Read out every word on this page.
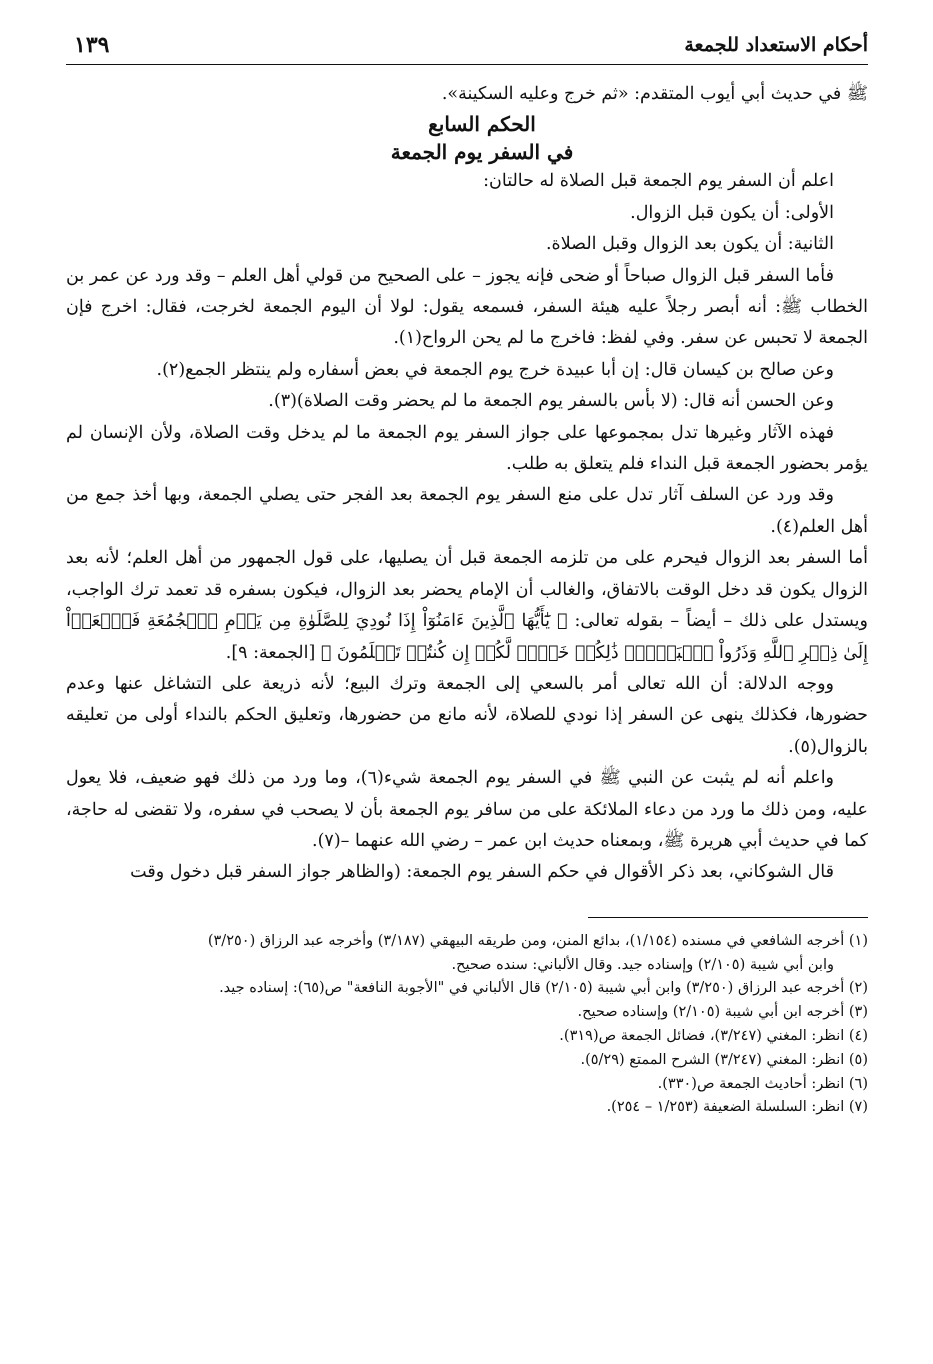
أحكام الاستعداد للجمعة
١٣٩

ﷺ في حديث أبي أيوب المتقدم: «ثم خرج وعليه السكينة».

الحكم السابع
في السفر يوم الجمعة

اعلم أن السفر يوم الجمعة قبل الصلاة له حالتان:

الأولى: أن يكون قبل الزوال.

الثانية: أن يكون بعد الزوال وقبل الصلاة.

فأما السفر قبل الزوال صباحاً أو ضحى فإنه يجوز – على الصحيح من قولي أهل العلم – وقد ورد عن عمر بن الخطاب ﷺ: أنه أبصر رجلاً عليه هيئة السفر، فسمعه يقول: لولا أن اليوم الجمعة لخرجت، فقال: اخرج فإن الجمعة لا تحبس عن سفر. وفي لفظ: فاخرج ما لم يحن الرواح(١).

وعن صالح بن كيسان قال: إن أبا عبيدة خرج يوم الجمعة في بعض أسفاره ولم ينتظر الجمع(٢).

وعن الحسن أنه قال: (لا بأس بالسفر يوم الجمعة ما لم يحضر وقت الصلاة)(٣).

فهذه الآثار وغيرها تدل بمجموعها على جواز السفر يوم الجمعة ما لم يدخل وقت الصلاة، ولأن الإنسان لم يؤمر بحضور الجمعة قبل النداء فلم يتعلق به طلب.

وقد ورد عن السلف آثار تدل على منع السفر يوم الجمعة بعد الفجر حتى يصلي الجمعة، وبها أخذ جمع من أهل العلم(٤).

أما السفر بعد الزوال فيحرم على من تلزمه الجمعة قبل أن يصليها، على قول الجمهور من أهل العلم؛ لأنه بعد الزوال يكون قد دخل الوقت بالاتفاق، والغالب أن الإمام يحضر بعد الزوال، فيكون بسفره قد تعمد ترك الواجب، ويستدل على ذلك – أيضاً – بقوله تعالى: ﴿ يَٰٓأَيُّهَا ٱلَّذِينَ ءَامَنُوٓاْ إِذَا نُودِيَ لِلصَّلَوٰةِ مِن يَوۡمِ ٱلۡجُمُعَةِ فَٱسۡعَوۡاْ إِلَىٰ ذِكۡرِ ٱللَّهِ وَذَرُواْ ٱلۡبَيۡعَۚ ذَٰلِكُمۡ خَيۡرٞ لَّكُمۡ إِن كُنتُمۡ تَعۡلَمُونَ ﴾ [الجمعة: ٩].

ووجه الدلالة: أن الله تعالى أمر بالسعي إلى الجمعة وترك البيع؛ لأنه ذريعة على التشاغل عنها وعدم حضورها، فكذلك ينهى عن السفر إذا نودي للصلاة، لأنه مانع من حضورها، وتعليق الحكم بالنداء أولى من تعليقه بالزوال(٥).

واعلم أنه لم يثبت عن النبي ﷺ في السفر يوم الجمعة شيء(٦)، وما ورد من ذلك فهو ضعيف، فلا يعول عليه، ومن ذلك ما ورد من دعاء الملائكة على من سافر يوم الجمعة بأن لا يصحب في سفره، ولا تقضى له حاجة، كما في حديث أبي هريرة ﷺ، وبمعناه حديث ابن عمر – رضي الله عنهما –(٧).

قال الشوكاني، بعد ذكر الأقوال في حكم السفر يوم الجمعة: (والظاهر جواز السفر قبل دخول وقت

(١) أخرجه الشافعي في مسنده (١/١٥٤)، بدائع المنن، ومن طريقه البيهقي (٣/١٨٧) وأخرجه عبد الرزاق (٣/٢٥٠)

وابن أبي شيبة (٢/١٠٥) وإسناده جيد. وقال الألباني: سنده صحيح.

(٢) أخرجه عبد الرزاق (٣/٢٥٠) وابن أبي شيبة (٢/١٠٥) قال الألباني في "الأجوبة النافعة" ص(٦٥): إسناده جيد.

(٣) أخرجه ابن أبي شيبة (٢/١٠٥) وإسناده صحيح.

(٤) انظر: المغني (٣/٢٤٧)، فضائل الجمعة ص(٣١٩).

(٥) انظر: المغني (٣/٢٤٧) الشرح الممتع (٥/٢٩).

(٦) انظر: أحاديث الجمعة ص(٣٣٠).

(٧) انظر: السلسلة الضعيفة (١/٢٥٣ – ٢٥٤).
